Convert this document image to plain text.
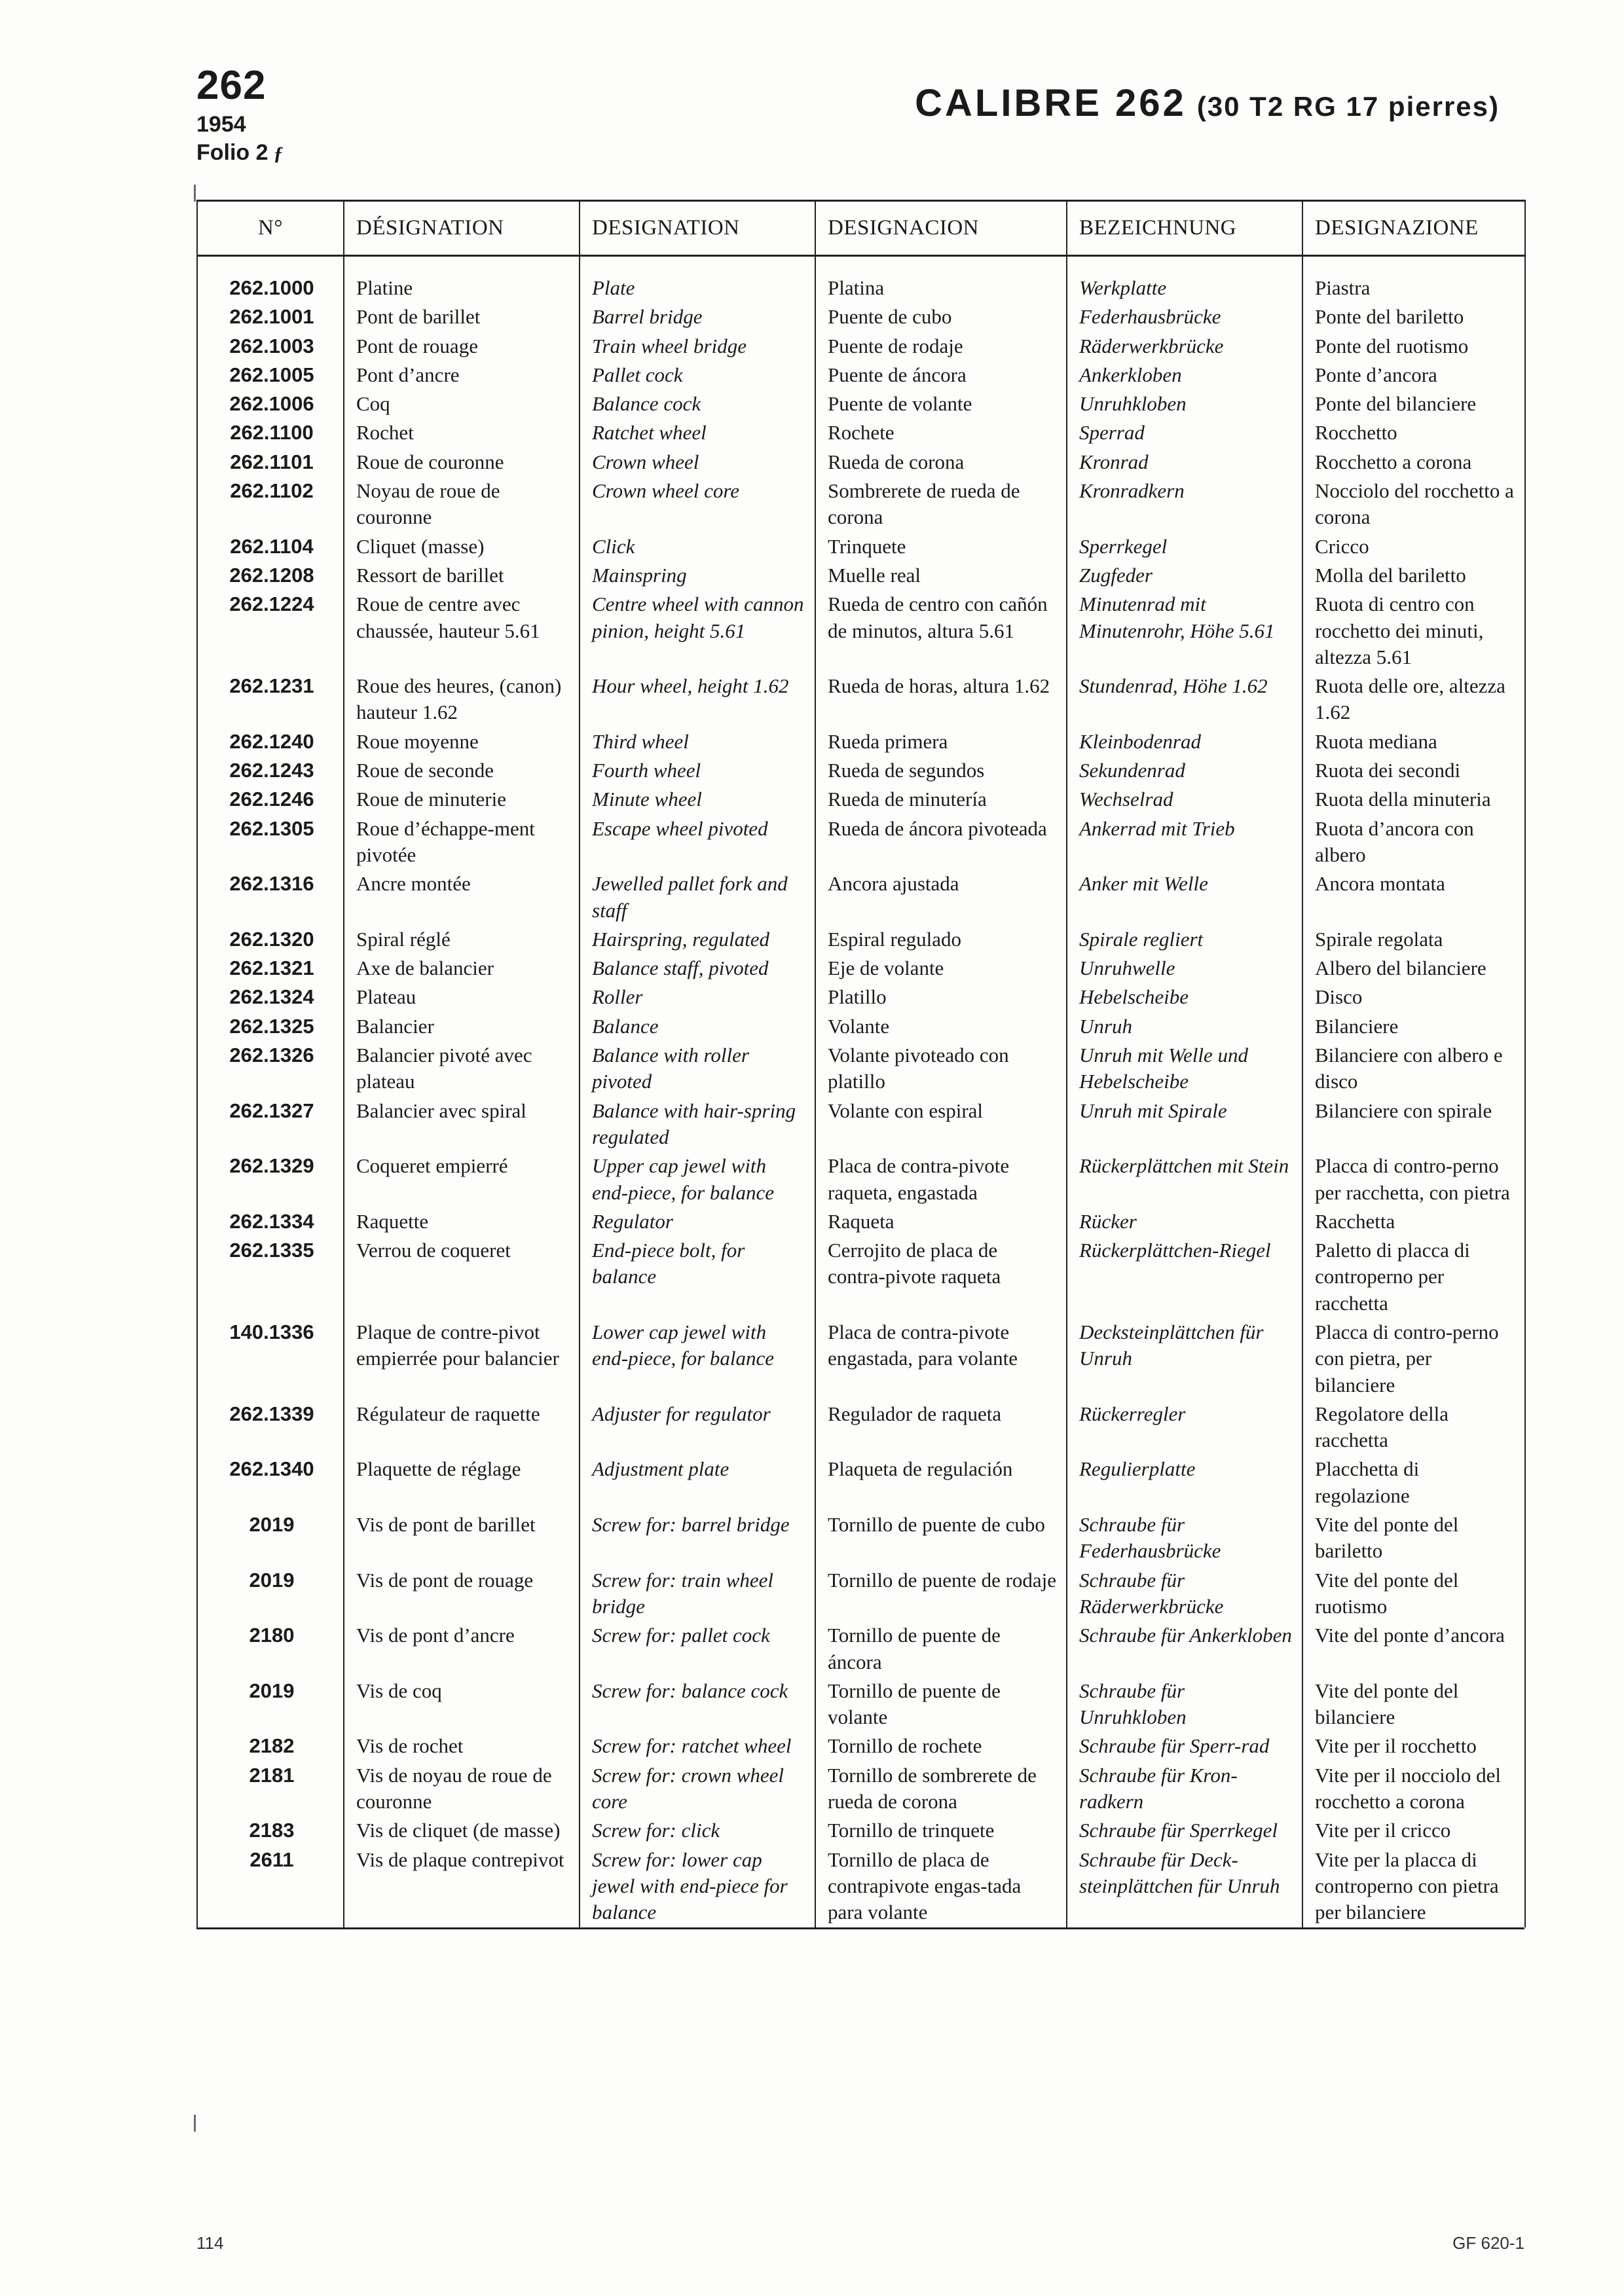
262
1954
Folio 2 ƒ
CALIBRE 262 (30 T2 RG 17 pierres)
N°	DÉSIGNATION	DESIGNATION	DESIGNACION	BEZEICHNUNG	DESIGNAZIONE
262.1000	Platine	Plate	Platina	Werkplatte	Piastra
262.1001	Pont de barillet	Barrel bridge	Puente de cubo	Federhausbrücke	Ponte del bariletto
262.1003	Pont de rouage	Train wheel bridge	Puente de rodaje	Räderwerkbrücke	Ponte del ruotismo
262.1005	Pont d’ancre	Pallet cock	Puente de áncora	Ankerkloben	Ponte d’ancora
262.1006	Coq	Balance cock	Puente de volante	Unruhkloben	Ponte del bilanciere
262.1100	Rochet	Ratchet wheel	Rochete	Sperrad	Rocchetto
262.1101	Roue de couronne	Crown wheel	Rueda de corona	Kronrad	Rocchetto a corona
262.1102	Noyau de roue de couronne	Crown wheel core	Sombrerete de rueda de corona	Kronradkern	Nocciolo del rocchetto a corona
262.1104	Cliquet (masse)	Click	Trinquete	Sperrkegel	Cricco
262.1208	Ressort de barillet	Mainspring	Muelle real	Zugfeder	Molla del bariletto
262.1224	Roue de centre avec chaussée, hauteur 5.61	Centre wheel with cannon pinion, height 5.61	Rueda de centro con cañón de minutos, altura 5.61	Minutenrad mit Minutenrohr, Höhe 5.61	Ruota di centro con rocchetto dei minuti, altezza 5.61
262.1231	Roue des heures, (canon) hauteur 1.62	Hour wheel, height 1.62	Rueda de horas, altura 1.62	Stundenrad, Höhe 1.62	Ruota delle ore, altezza 1.62
262.1240	Roue moyenne	Third wheel	Rueda primera	Kleinbodenrad	Ruota mediana
262.1243	Roue de seconde	Fourth wheel	Rueda de segundos	Sekundenrad	Ruota dei secondi
262.1246	Roue de minuterie	Minute wheel	Rueda de minutería	Wechselrad	Ruota della minuteria
262.1305	Roue d’échappe-ment pivotée	Escape wheel pivoted	Rueda de áncora pivoteada	Ankerrad mit Trieb	Ruota d’ancora con albero
262.1316	Ancre montée	Jewelled pallet fork and staff	Ancora ajustada	Anker mit Welle	Ancora montata
262.1320	Spiral réglé	Hairspring, regulated	Espiral regulado	Spirale regliert	Spirale regolata
262.1321	Axe de balancier	Balance staff, pivoted	Eje de volante	Unruhwelle	Albero del bilanciere
262.1324	Plateau	Roller	Platillo	Hebelscheibe	Disco
262.1325	Balancier	Balance	Volante	Unruh	Bilanciere
262.1326	Balancier pivoté avec plateau	Balance with roller pivoted	Volante pivoteado con platillo	Unruh mit Welle und Hebelscheibe	Bilanciere con albero e disco
262.1327	Balancier avec spiral	Balance with hair-spring regulated	Volante con espiral	Unruh mit Spirale	Bilanciere con spirale
262.1329	Coqueret empierré	Upper cap jewel with end-piece, for balance	Placa de contra-pivote raqueta, engastada	Rückerplättchen mit Stein	Placca di contro-perno per racchetta, con pietra
262.1334	Raquette	Regulator	Raqueta	Rücker	Racchetta
262.1335	Verrou de coqueret	End-piece bolt, for balance	Cerrojito de placa de contra-pivote raqueta	Rückerplättchen-Riegel	Paletto di placca di controperno per racchetta
140.1336	Plaque de contre-pivot empierrée pour balancier	Lower cap jewel with end-piece, for balance	Placa de contra-pivote engastada, para volante	Decksteinplättchen für Unruh	Placca di contro-perno con pietra, per bilanciere
262.1339	Régulateur de raquette	Adjuster for regulator	Regulador de raqueta	Rückerregler	Regolatore della racchetta
262.1340	Plaquette de réglage	Adjustment plate	Plaqueta de regulación	Regulierplatte	Placchetta di regolazione
2019	Vis de pont de barillet	Screw for: barrel bridge	Tornillo de puente de cubo	Schraube für Federhausbrücke	Vite del ponte del bariletto
2019	Vis de pont de rouage	Screw for: train wheel bridge	Tornillo de puente de rodaje	Schraube für Räderwerkbrücke	Vite del ponte del ruotismo
2180	Vis de pont d’ancre	Screw for: pallet cock	Tornillo de puente de áncora	Schraube für Ankerkloben	Vite del ponte d’ancora
2019	Vis de coq	Screw for: balance cock	Tornillo de puente de volante	Schraube für Unruhkloben	Vite del ponte del bilanciere
2182	Vis de rochet	Screw for: ratchet wheel	Tornillo de rochete	Schraube für Sperr-rad	Vite per il rocchetto
2181	Vis de noyau de roue de couronne	Screw for: crown wheel core	Tornillo de sombrerete de rueda de corona	Schraube für Kron-radkern	Vite per il nocciolo del rocchetto a corona
2183	Vis de cliquet (de masse)	Screw for: click	Tornillo de trinquete	Schraube für Sperrkegel	Vite per il cricco
2611	Vis de plaque contrepivot	Screw for: lower cap jewel with end-piece for balance	Tornillo de placa de contrapivote engas-tada para volante	Schraube für Deck-steinplättchen für Unruh	Vite per la placca di controperno con pietra per bilanciere
114	GF 620-1
